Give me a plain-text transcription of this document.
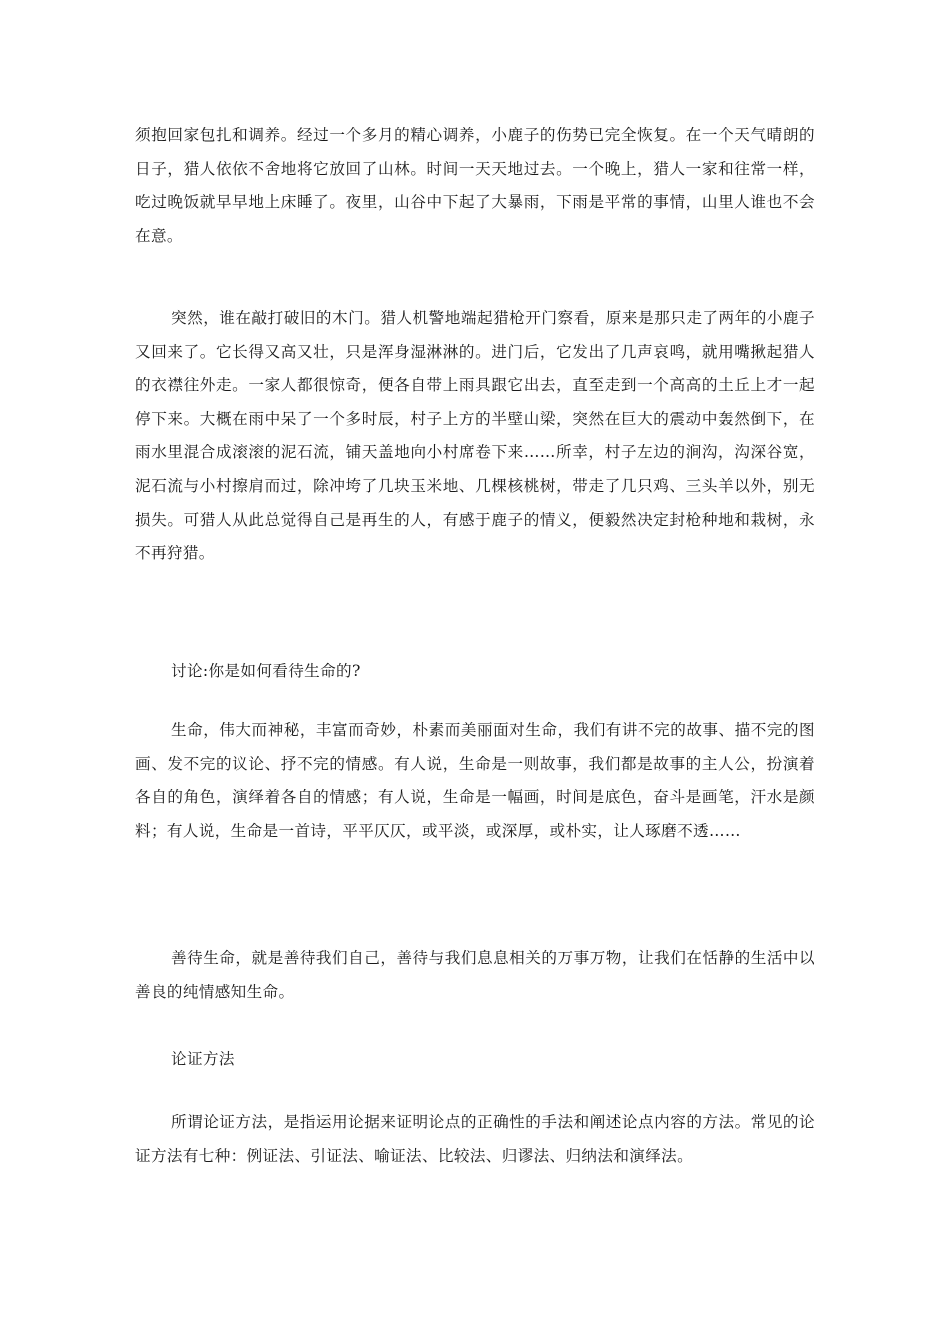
须抱回家包扎和调养。经过一个多月的精心调养，小鹿子的伤势已完全恢复。在一个天气晴朗的日子，猎人依依不舍地将它放回了山林。时间一天天地过去。一个晚上，猎人一家和往常一样，吃过晚饭就早早地上床睡了。夜里，山谷中下起了大暴雨，下雨是平常的事情，山里人谁也不会在意。

突然，谁在敲打破旧的木门。猎人机警地端起猎枪开门察看，原来是那只走了两年的小鹿子又回来了。它长得又高又壮，只是浑身湿淋淋的。进门后，它发出了几声哀鸣，就用嘴揪起猎人的衣襟往外走。一家人都很惊奇，便各自带上雨具跟它出去，直至走到一个高高的土丘上才一起停下来。大概在雨中呆了一个多时辰，村子上方的半壁山梁，突然在巨大的震动中轰然倒下，在雨水里混合成滚滚的泥石流，铺天盖地向小村席卷下来……所幸，村子左边的涧沟，沟深谷宽，泥石流与小村擦肩而过，除冲垮了几块玉米地、几棵核桃树，带走了几只鸡、三头羊以外，别无损失。可猎人从此总觉得自己是再生的人，有感于鹿子的情义，便毅然决定封枪种地和栽树，永不再狩猎。

讨论:你是如何看待生命的?

生命，伟大而神秘，丰富而奇妙，朴素而美丽面对生命，我们有讲不完的故事、描不完的图画、发不完的议论、抒不完的情感。有人说，生命是一则故事，我们都是故事的主人公，扮演着各自的角色，演绎着各自的情感；有人说，生命是一幅画，时间是底色，奋斗是画笔，汗水是颜料；有人说，生命是一首诗，平平仄仄，或平淡，或深厚，或朴实，让人琢磨不透……

善待生命，就是善待我们自己，善待与我们息息相关的万事万物，让我们在恬静的生活中以善良的纯情感知生命。

论证方法

所谓论证方法，是指运用论据来证明论点的正确性的手法和阐述论点内容的方法。常见的论证方法有七种：例证法、引证法、喻证法、比较法、归谬法、归纳法和演绎法。
